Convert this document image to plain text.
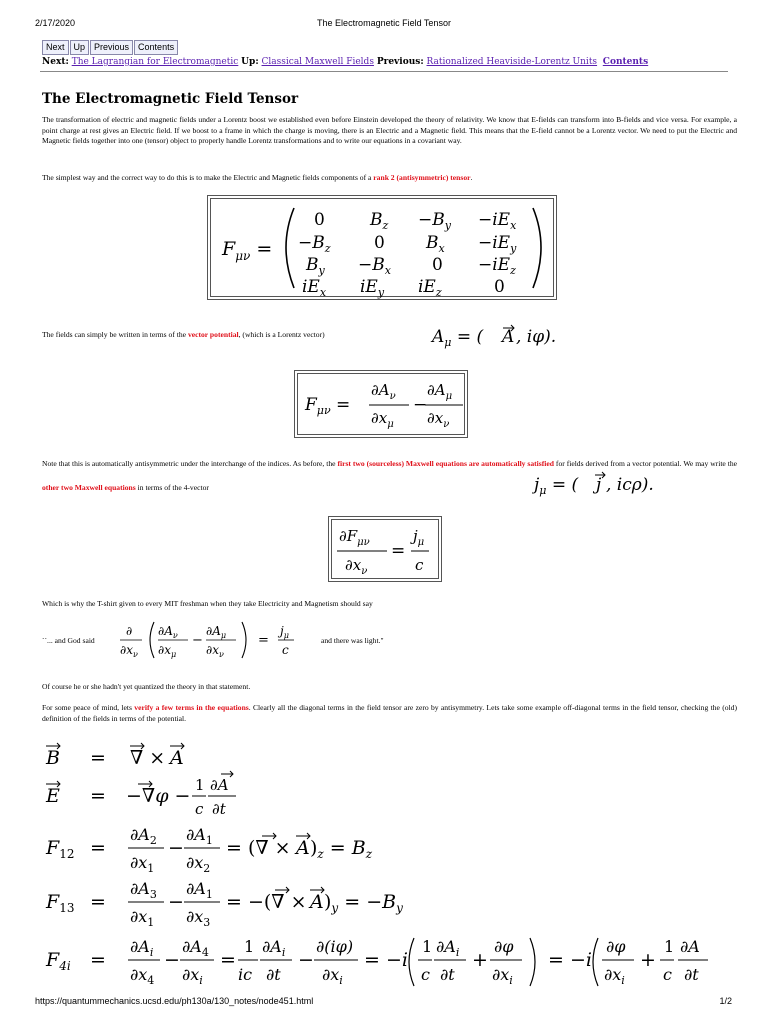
2/17/2020	The Electromagnetic Field Tensor
Next	Up	Previous	Contents
Next: The Lagrangian for Electromagnetic Up: Classical Maxwell Fields Previous: Rationalized Heaviside-Lorentz Units Contents
The Electromagnetic Field Tensor
The transformation of electric and magnetic fields under a Lorentz boost we established even before Einstein developed the theory of relativity. We know that E-fields can transform into B-fields and vice versa. For example, a point charge at rest gives an Electric field. If we boost to a frame in which the charge is moving, there is an Electric and a Magnetic field. This means that the E-field cannot be a Lorentz vector. We need to put the Electric and Magnetic fields together into one (tensor) object to properly handle Lorentz transformations and to write our equations in a covariant way.
The simplest way and the correct way to do this is to make the Electric and Magnetic fields components of a rank 2 (antisymmetric) tensor.
$F_{\mu\nu}$ =
0	$B_z -B_y -iE_x$
$-B_z$	0 $B_x -iE_y$
$B_y -B_x$ $0 -iE_z$
$iE_x$ $iE_y$ $iE_z$	0
The fields can simply be written in terms of the vector potential, (which is a Lorentz vector)	$A_\mu$ = ( A , iφ).
$F_{\mu\nu}$ =
$\partial A_\nu$
$\partial x_\mu$
−
$\partial A_\mu$
$\partial x_\nu$
Note that this is automatically antisymmetric under the interchange of the indices. As before, the first two (sourceless) Maxwell equations are automatically satisfied for fields derived from a vector potential. We may write the other two Maxwell equations in terms of the 4-vector	$j_\mu$ = ( j , icρ).
$\partial F_{\mu\nu}$
$\partial x_\nu$
=
$j_\mu$
c
Which is why the T-shirt given to every MIT freshman when they take Electricity and Magnetism should say
``... and God said
∂
$\partial x_\nu$
$\partial A_\nu$
$\partial x_\mu$
−
$\partial A_\mu$
$\partial x_\nu$
=
$j_\mu$
c
and there was light."
Of course he or she hadn't yet quantized the theory in that statement.
For some peace of mind, lets verify a few terms in the equations. Clearly all the diagonal terms in the field tensor are zero by antisymmetry. Lets take some example off-diagonal terms in the field tensor, checking the (old) definition of the fields in terms of the potential.
B = ∇ × A
E = −∇φ − 1
c
∂A
∂t
$F_{12}$ =
$\partial A_2$
$\partial x_1$
−
$\partial A_1$
$\partial x_2$
= (∇ × A )$_z = B_z$
$F_{13}$ =
$\partial A_3$
$\partial x_1$
−
$\partial A_1$
$\partial x_3$
= −(∇ × A )$_y = -B_y$
$F_{4i}$ =
$\partial A_i$
$\partial x_4$
−
$\partial A_4$
$\partial x_i$
=
1
ic
$\partial A_i$
∂t
−
∂(iφ)
$\partial x_i$
= −i
1
c
$\partial A_i$
∂t
+
∂φ
$\partial x_i$
= −i
∂φ
$\partial x_i$
+
1
c
∂A
∂t
https://quantummechanics.ucsd.edu/ph130a/130_notes/node451.html	1/2
